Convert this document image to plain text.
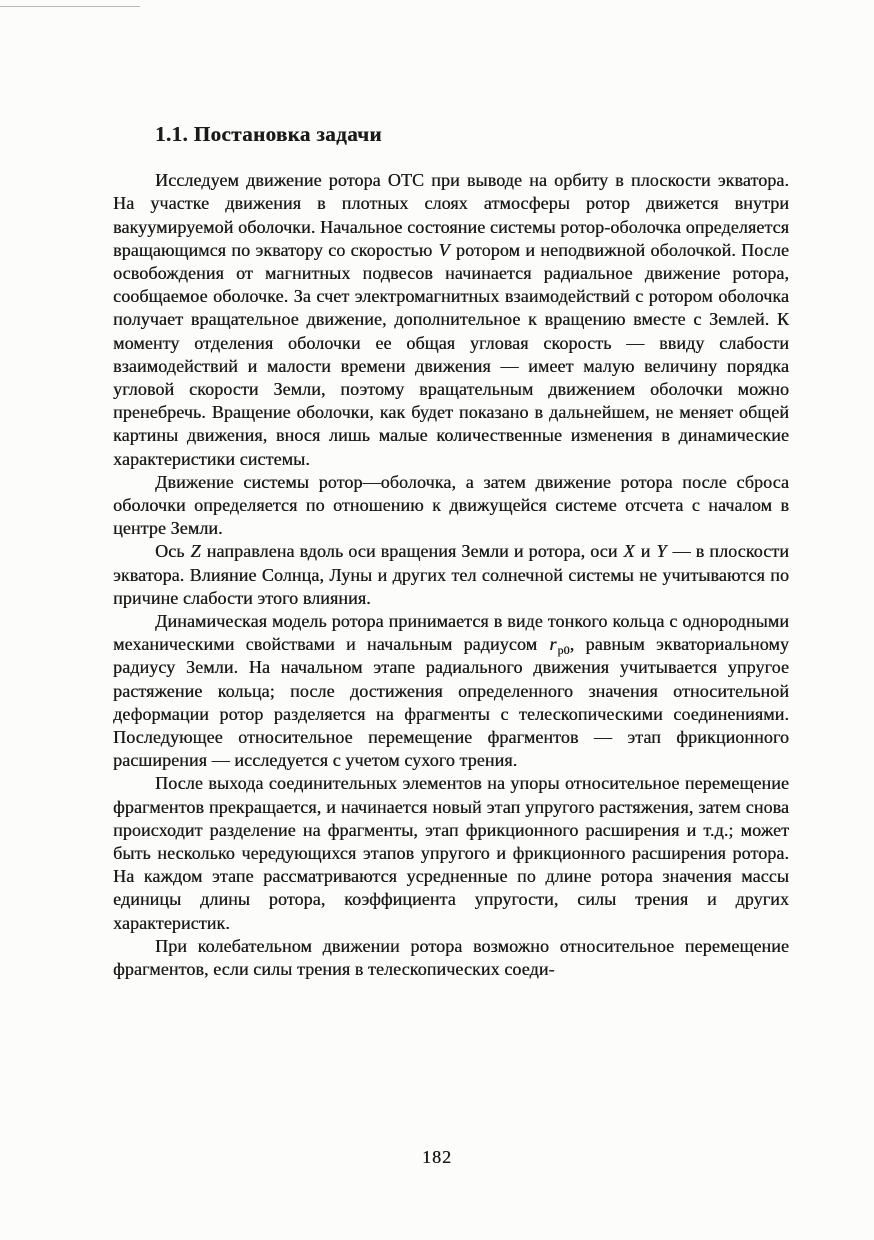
1.1. Постановка задачи

Исследуем движение ротора ОТС при выводе на орбиту в плоскости экватора. На участке движения в плотных слоях атмосферы ротор движется внутри вакуумируемой оболочки. Начальное состояние системы ротор-оболочка определяется вращающимся по экватору со скоростью V ротором и неподвижной оболочкой. После освобождения от магнитных подвесов начинается радиальное движение ротора, сообщаемое оболочке. За счет электромагнитных взаимодействий с ротором оболочка получает вращательное движение, дополнительное к вращению вместе с Землей. К моменту отделения оболочки ее общая угловая скорость — ввиду слабости взаимодействий и малости времени движения — имеет малую величину порядка угловой скорости Земли, поэтому вращательным движением оболочки можно пренебречь. Вращение оболочки, как будет показано в дальнейшем, не меняет общей картины движения, внося лишь малые количественные изменения в динамические характеристики системы.

Движение системы ротор—оболочка, а затем движение ротора после сброса оболочки определяется по отношению к движущейся системе отсчета с началом в центре Земли.

Ось Z направлена вдоль оси вращения Земли и ротора, оси X и Y — в плоскости экватора. Влияние Солнца, Луны и других тел солнечной системы не учитываются по причине слабости этого влияния.

Динамическая модель ротора принимается в виде тонкого кольца с однородными механическими свойствами и начальным радиусом $r_{р0}$, равным экваториальному радиусу Земли. На начальном этапе радиального движения учитывается упругое растяжение кольца; после достижения определенного значения относительной деформации ротор разделяется на фрагменты с телескопическими соединениями. Последующее относительное перемещение фрагментов — этап фрикционного расширения — исследуется с учетом сухого трения.

После выхода соединительных элементов на упоры относительное перемещение фрагментов прекращается, и начинается новый этап упругого растяжения, затем снова происходит разделение на фрагменты, этап фрикционного расширения и т.д.; может быть несколько чередующихся этапов упругого и фрикционного расширения ротора. На каждом этапе рассматриваются усредненные по длине ротора значения массы единицы длины ротора, коэффициента упругости, силы трения и других характеристик.

При колебательном движении ротора возможно относительное перемещение фрагментов, если силы трения в телескопических соеди-

182
